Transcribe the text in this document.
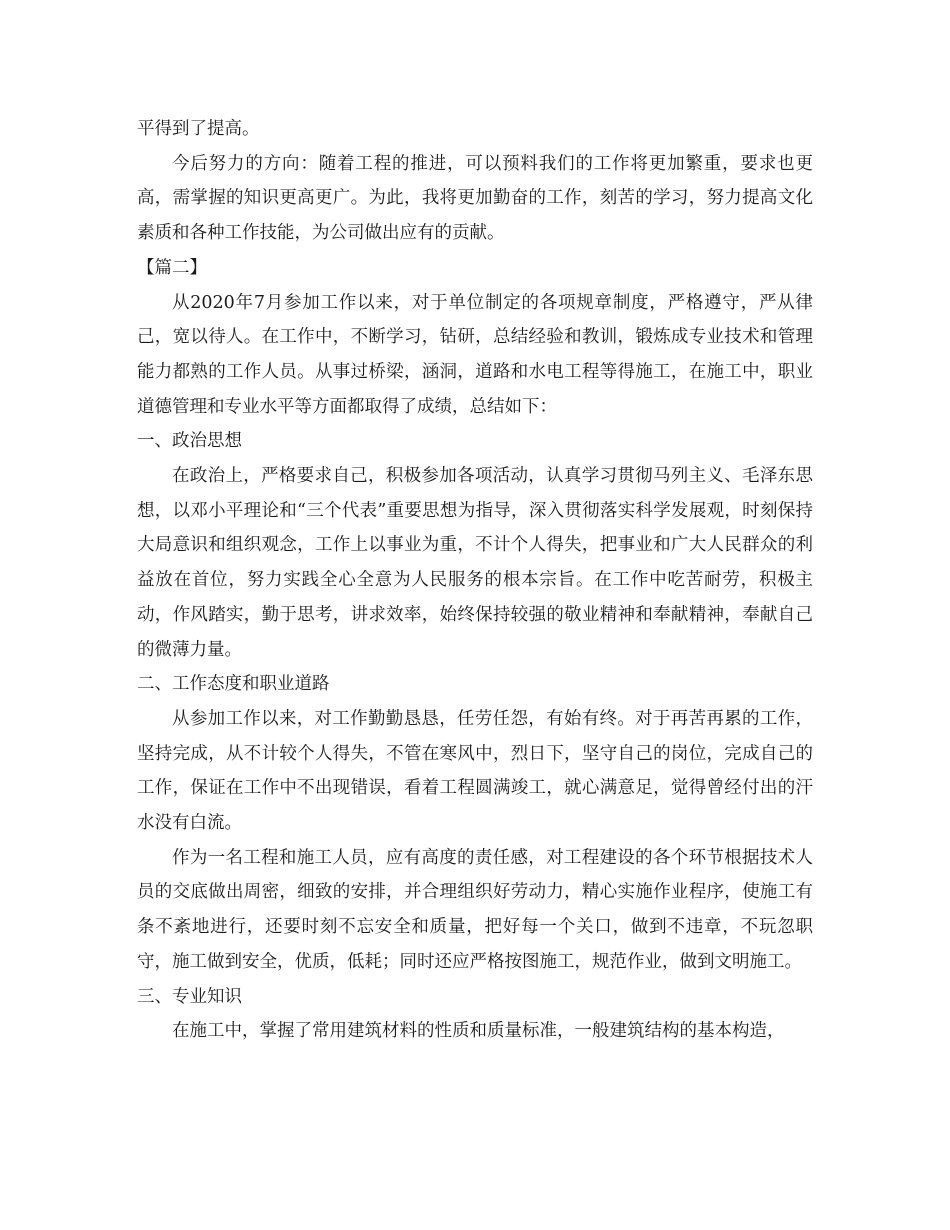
平得到了提高。

今后努力的方向：随着工程的推进，可以预料我们的工作将更加繁重，要求也更高，需掌握的知识更高更广。为此，我将更加勤奋的工作，刻苦的学习，努力提高文化素质和各种工作技能，为公司做出应有的贡献。

【篇二】

从2020年7月参加工作以来，对于单位制定的各项规章制度，严格遵守，严从律己，宽以待人。在工作中，不断学习，钻研，总结经验和教训，锻炼成专业技术和管理能力都熟的工作人员。从事过桥梁，涵洞，道路和水电工程等得施工，在施工中，职业道德管理和专业水平等方面都取得了成绩，总结如下：

一、政治思想

在政治上，严格要求自己，积极参加各项活动，认真学习贯彻马列主义、毛泽东思想，以邓小平理论和“三个代表”重要思想为指导，深入贯彻落实科学发展观，时刻保持大局意识和组织观念，工作上以事业为重，不计个人得失，把事业和广大人民群众的利益放在首位，努力实践全心全意为人民服务的根本宗旨。在工作中吃苦耐劳，积极主动，作风踏实，勤于思考，讲求效率，始终保持较强的敬业精神和奉献精神，奉献自己的微薄力量。

二、工作态度和职业道路

从参加工作以来，对工作勤勤恳恳，任劳任怨，有始有终。对于再苦再累的工作，坚持完成，从不计较个人得失，不管在寒风中，烈日下，坚守自己的岗位，完成自己的工作，保证在工作中不出现错误，看着工程圆满竣工，就心满意足，觉得曾经付出的汗水没有白流。

作为一名工程和施工人员，应有高度的责任感，对工程建设的各个环节根据技术人员的交底做出周密，细致的安排，并合理组织好劳动力，精心实施作业程序，使施工有条不紊地进行，还要时刻不忘安全和质量，把好每一个关口，做到不违章，不玩忽职守，施工做到安全，优质，低耗；同时还应严格按图施工，规范作业，做到文明施工。

三、专业知识

在施工中，掌握了常用建筑材料的性质和质量标准，一般建筑结构的基本构造，
